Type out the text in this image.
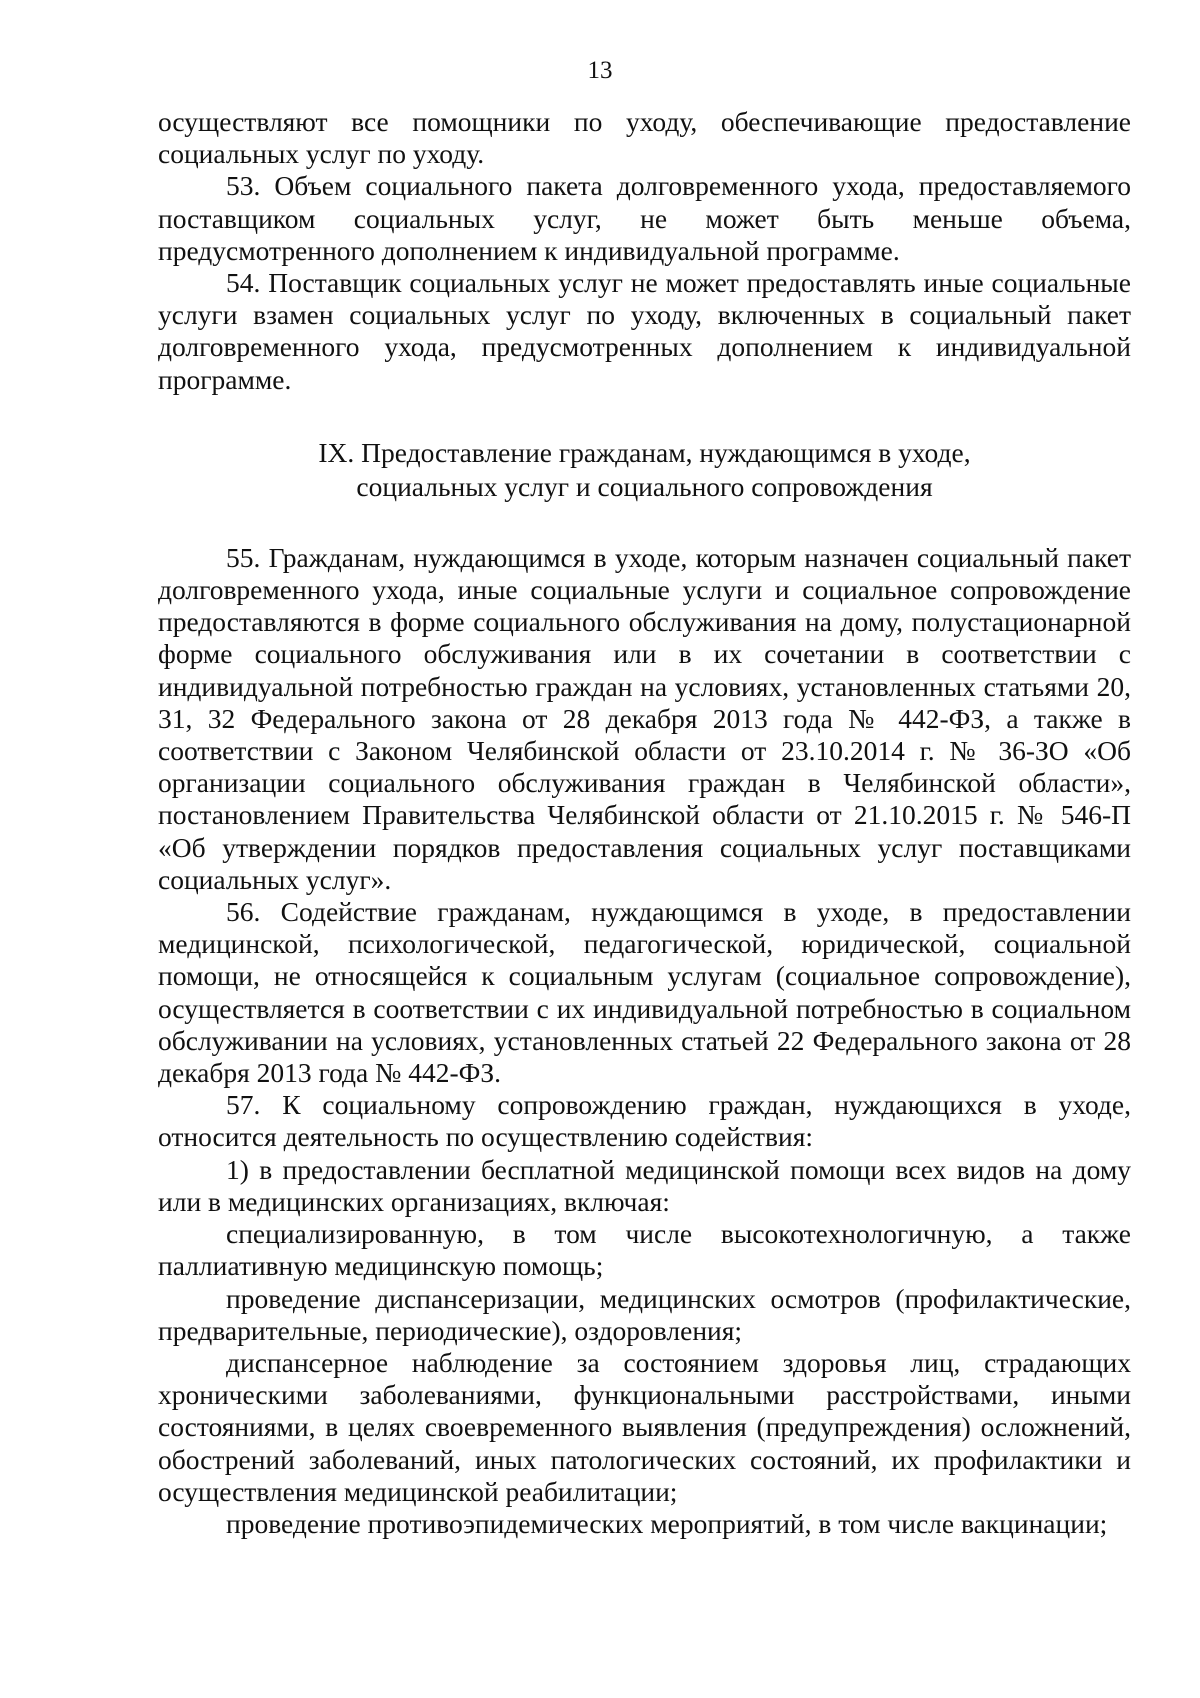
13

осуществляют все помощники по уходу, обеспечивающие предоставление социальных услуг по уходу.

53. Объем социального пакета долговременного ухода, предоставляемого поставщиком социальных услуг, не может быть меньше объема, предусмотренного дополнением к индивидуальной программе.

54. Поставщик социальных услуг не может предоставлять иные социальные услуги взамен социальных услуг по уходу, включенных в социальный пакет долговременного ухода, предусмотренных дополнением к индивидуальной программе.

IX. Предоставление гражданам, нуждающимся в уходе,
социальных услуг и социального сопровождения

55. Гражданам, нуждающимся в уходе, которым назначен социальный пакет долговременного ухода, иные социальные услуги и социальное сопровождение предоставляются в форме социального обслуживания на дому, полустационарной форме социального обслуживания или в их сочетании в соответствии с индивидуальной потребностью граждан на условиях, установленных статьями 20, 31, 32 Федерального закона от 28 декабря 2013 года № 442-ФЗ, а также в соответствии с Законом Челябинской области от 23.10.2014 г. № 36-ЗО «Об организации социального обслуживания граждан в Челябинской области», постановлением Правительства Челябинской области от 21.10.2015 г. № 546-П «Об утверждении порядков предоставления социальных услуг поставщиками социальных услуг».

56. Содействие гражданам, нуждающимся в уходе, в предоставлении медицинской, психологической, педагогической, юридической, социальной помощи, не относящейся к социальным услугам (социальное сопровождение), осуществляется в соответствии с их индивидуальной потребностью в социальном обслуживании на условиях, установленных статьей 22 Федерального закона от 28 декабря 2013 года № 442-ФЗ.

57. К социальному сопровождению граждан, нуждающихся в уходе, относится деятельность по осуществлению содействия:

1) в предоставлении бесплатной медицинской помощи всех видов на дому или в медицинских организациях, включая:

специализированную, в том числе высокотехнологичную, а также паллиативную медицинскую помощь;

проведение диспансеризации, медицинских осмотров (профилактические, предварительные, периодические), оздоровления;

диспансерное наблюдение за состоянием здоровья лиц, страдающих хроническими заболеваниями, функциональными расстройствами, иными состояниями, в целях своевременного выявления (предупреждения) осложнений, обострений заболеваний, иных патологических состояний, их профилактики и осуществления медицинской реабилитации;

проведение противоэпидемических мероприятий, в том числе вакцинации;
